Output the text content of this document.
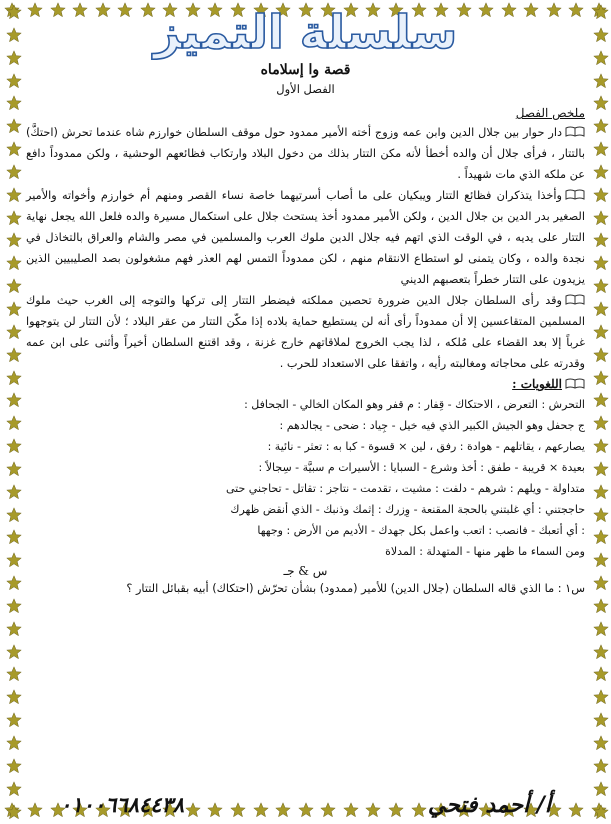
سلسلة التميز
قصة وا إسلاماه
الفصل الأول
ملخص الفصل

دار حوار بين جلال الدين وابن عمه وزوج أخته الأمير ممدود حول موقف السلطان خوارزم شاه عندما تحرش (احتكَّ) بالتتار ، فرأى جلال أن والده أخطأ لأنه مكن التتار بذلك من دخول البلاد وارتكاب فظائعهم الوحشية ، ولكن ممدوداً دافع عن ملكه الذي مات شهيداً .

وأخذا يتذكران فظائع التتار ويبكيان على ما أصاب أسرتيهما خاصة نساء القصر ومنهم أم خوارزم وأخواته والأمير الصغير بدر الدين بن جلال الدين ، ولكن الأمير ممدود أخذ يستحث جلال على استكمال مسيرة والده فلعل الله يجعل نهاية التتار على يديه ، في الوقت الذي اتهم فيه جلال الدين ملوك العرب والمسلمين في مصر والشام والعراق بالتخاذل في نجدة والده ، وكان يتمنى لو استطاع الانتقام منهم ، لكن ممدوداً التمس لهم العذر فهم مشغولون بصد الصليبيين الذين يزيدون على التتار خطراً بتعصبهم الديني

وقد رأى السلطان جلال الدين ضرورة تحصين مملكته فيضطر التتار إلى تركها والتوجه إلى الغرب حيث ملوك المسلمين المتقاعسين إلا أن ممدوداً رأى أنه لن يستطيع حماية بلاده إذا مكّن التتار من عقر البلاد ؛ لأن التتار لن يتوجهوا غرباً إلا بعد القضاء على مُلكه ، لذا يجب الخروج لملاقاتهم خارج غزنة ، وقد اقتنع السلطان أخيراً وأثنى على ابن عمه وقدرته على محاجاته ومغالبته رأيه ، واتفقا على الاستعداد للحرب .

اللغويات :
التحرش : التعرض ، الاحتكاك - قِفار : م قفر وهو المكان الخالي - الجحافل :
ج جحفل وهو الجيش الكبير الذي فيه خيل - جِياد : ضحى - يجالدهم :
يصارعهم ، يقاتلهم - هوادة : رفق ، لين × قسوة - كبا به : تعثر - نائية :
بعيدة × قريبة - طفق : أخذ وشرع - السبايا : الأسيرات م سبيَّة - سِجالاً :
متداولة - ويلهم : شرهم - دلفت : مشيت ، تقدمت - نتاجز : تقاتل - تحاجني حتى
حاججتني : أي غلبتني بالحجة المقنعة - وِزرك : إثمك وذنبك - الذي أنقض ظهرك
: أي أتعبك - فانصب : اتعب واعمل بكل جهدك - الأديم من الأرض : وجهها
ومن السماء ما ظهر منها - المتهدلة : المدلاة
س & جـ

س١ : ما الذي قاله السلطان (جلال الدين) للأمير (ممدود) بشأن تحرّش (احتكاك) أبيه بقبائل التتار ؟

أ/ أحمد فتحي
٠١٠٠٦٦٨٤٤٣٨
